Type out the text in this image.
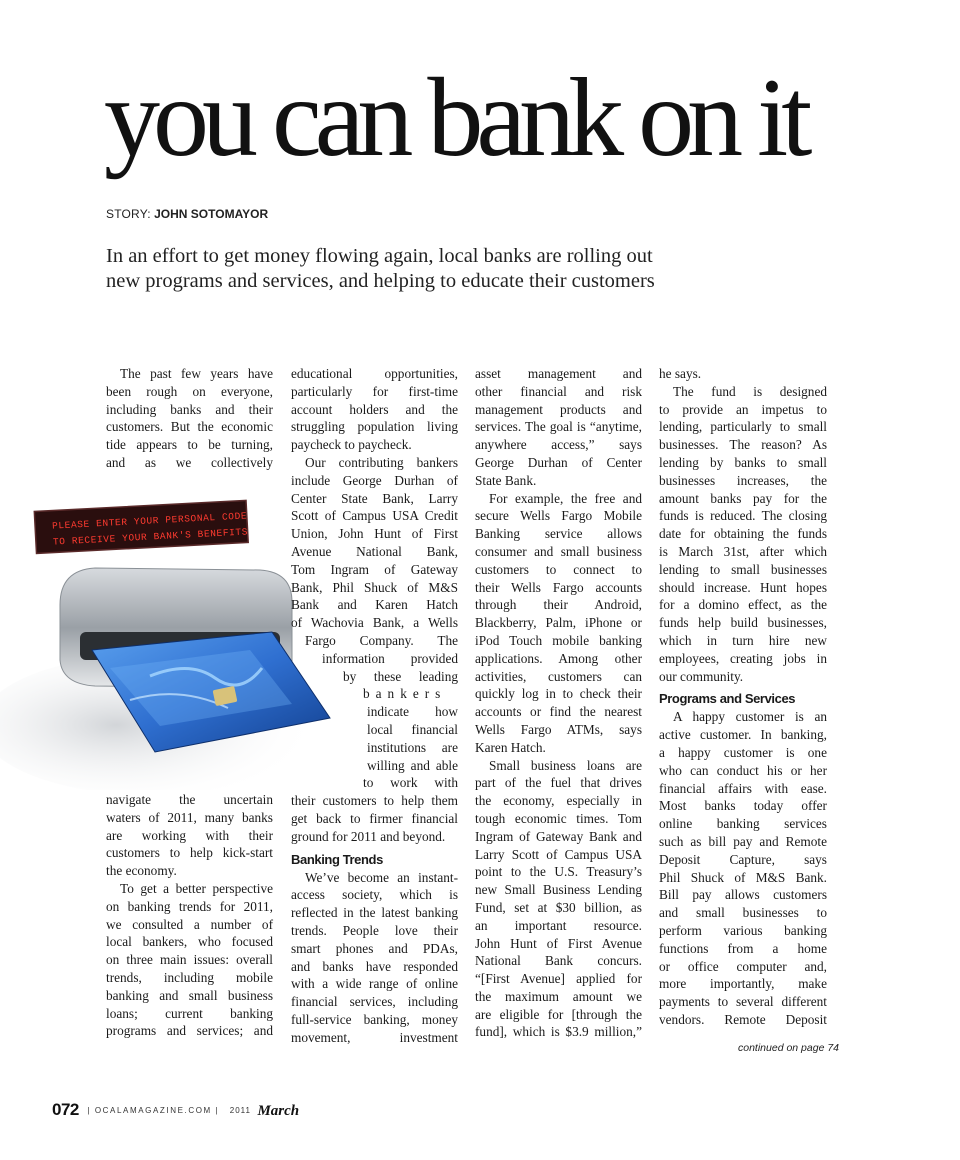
you can bank on it
STORY: JOHN SOTOMAYOR
In an effort to get money flowing again, local banks are rolling out
new programs and services, and helping to educate their customers
PLEASE ENTER YOUR PERSONAL CODE
TO RECEIVE YOUR BANK'S BENEFITS
The past few years have
been rough on everyone,
including banks and their
customers. But the economic
tide appears to be turning,
and as we collectively
navigate the uncertain
waters of 2011, many banks
are working with their
customers to help kick-start
the economy.
To get a better perspective
on banking trends for 2011,
we consulted a number of
local bankers, who focused
on three main issues: overall
trends, including mobile
banking and small business
loans; current banking
programs and services; and
educational opportunities,
particularly for first-time
account holders and the
struggling population living
paycheck to paycheck.
Our contributing bankers
include George Durhan of
Center State Bank, Larry
Scott of Campus USA Credit
Union, John Hunt of First
Avenue National Bank,
Tom Ingram of Gateway
Bank, Phil Shuck of M&S
Bank and Karen Hatch
of Wachovia Bank, a Wells
Fargo Company. The
information provided
by these leading
bankers
indicate how
local financial
institutions are
willing and able
to work with
their customers to help them
get back to firmer financial
ground for 2011 and beyond.
Banking Trends
We’ve become an instant-
access society, which is
reflected in the latest banking
trends. People love their
smart phones and PDAs,
and banks have responded
with a wide range of online
financial services, including
full-service banking, money
movement, investment
asset management and
other financial and risk
management products and
services. The goal is “anytime,
anywhere access,” says
George Durhan of Center
State Bank.
For example, the free and
secure Wells Fargo Mobile
Banking service allows
consumer and small business
customers to connect to
their Wells Fargo accounts
through their Android,
Blackberry, Palm, iPhone or
iPod Touch mobile banking
applications. Among other
activities, customers can
quickly log in to check their
accounts or find the nearest
Wells Fargo ATMs, says
Karen Hatch.
Small business loans are
part of the fuel that drives
the economy, especially in
tough economic times. Tom
Ingram of Gateway Bank and
Larry Scott of Campus USA
point to the U.S. Treasury’s
new Small Business Lending
Fund, set at $30 billion, as
an important resource.
John Hunt of First Avenue
National Bank concurs.
“[First Avenue] applied for
the maximum amount we
are eligible for [through the
fund], which is $3.9 million,”
he says.
The fund is designed
to provide an impetus to
lending, particularly to small
businesses. The reason? As
lending by banks to small
businesses increases, the
amount banks pay for the
funds is reduced. The closing
date for obtaining the funds
is March 31st, after which
lending to small businesses
should increase. Hunt hopes
for a domino effect, as the
funds help build businesses,
which in turn hire new
employees, creating jobs in
our community.
Programs and Services
A happy customer is an
active customer. In banking,
a happy customer is one
who can conduct his or her
financial affairs with ease.
Most banks today offer
online banking services
such as bill pay and Remote
Deposit Capture, says
Phil Shuck of M&S Bank.
Bill pay allows customers
and small businesses to
perform various banking
functions from a home
or office computer and,
more importantly, make
payments to several different
vendors. Remote Deposit
continued on page 74
072 | OCALAMAGAZINE.COM | 2011 March
